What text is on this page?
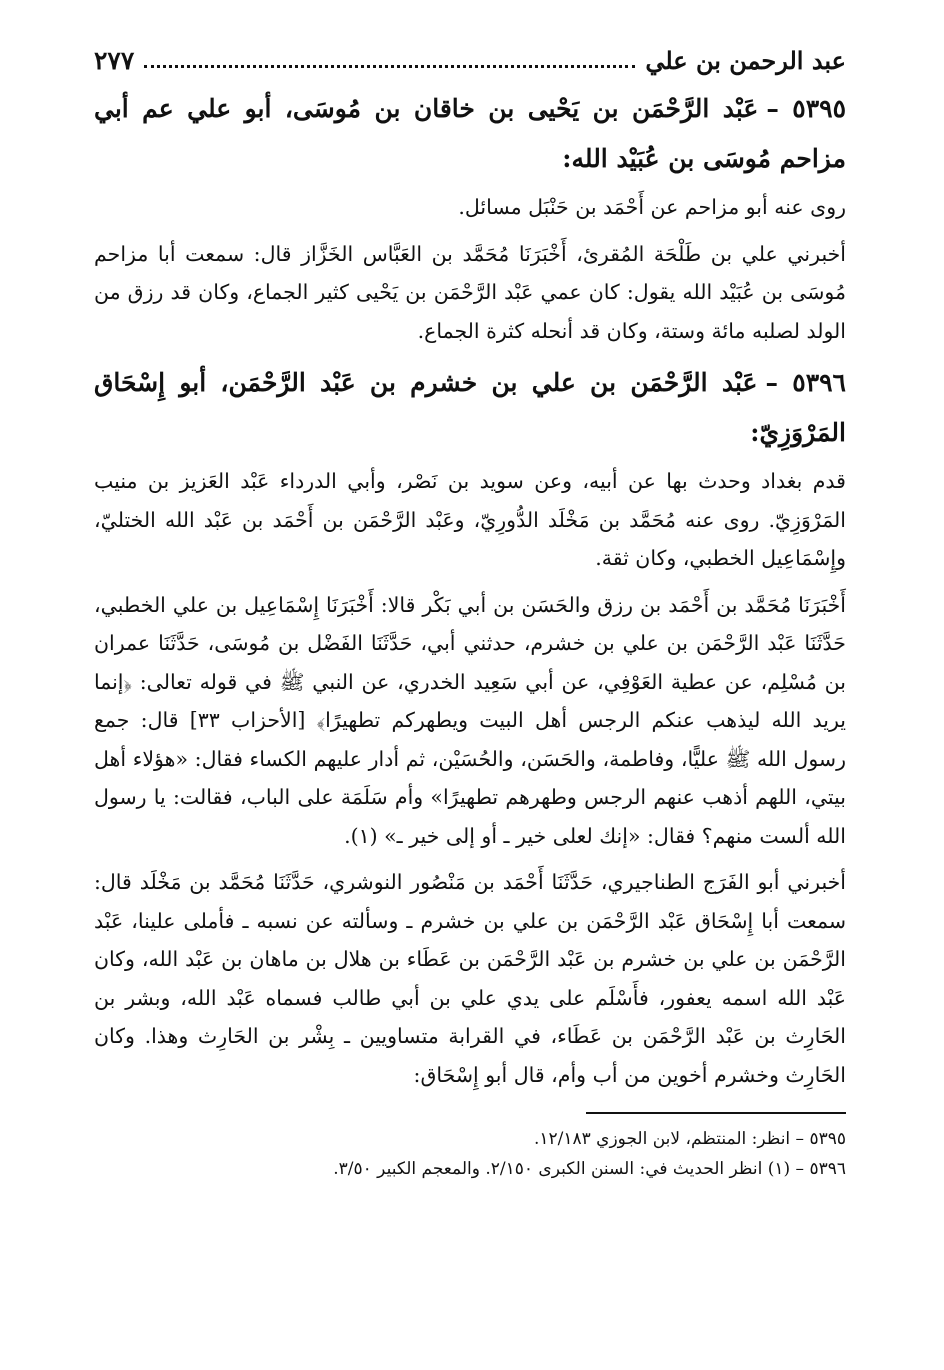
عبد الرحمن بن علي
٢٧٧
٥٣٩٥ –عَبْد الرَّحْمَن بن يَحْيى بن خاقان بن مُوسَى، أبو علي عم أبي مزاحم مُوسَى بن عُبَيْد الله:

روى عنه أبو مزاحم عن أَحْمَد بن حَنْبَل مسائل.

أخبرني علي بن طَلْحَة المُقرئ، أَخْبَرَنَا مُحَمَّد بن العَبَّاس الخَزَّاز قال: سمعت أبا مزاحم مُوسَى بن عُبَيْد الله يقول: كان عمي عَبْد الرَّحْمَن بن يَحْيى كثير الجماع، وكان قد رزق من الولد لصلبه مائة وستة، وكان قد أنحله كثرة الجماع.

٥٣٩٦ –عَبْد الرَّحْمَن بن علي بن خشرم بن عَبْد الرَّحْمَن، أبو إِسْحَاق المَرْوَزِيّ:

قدم بغداد وحدث بها عن أبيه، وعن سويد بن نَصْر، وأبي الدرداء عَبْد العَزيز بن منيب المَرْوَزِيّ. روى عنه مُحَمَّد بن مَخْلَد الدُّورِيّ، وعَبْد الرَّحْمَن بن أَحْمَد بن عَبْد الله الختليّ، وإِسْمَاعِيل الخطبي، وكان ثقة.

أَخْبَرَنَا مُحَمَّد بن أَحْمَد بن رزق والحَسَن بن أبي بَكْر قالا: أَخْبَرَنَا إِسْمَاعِيل بن علي الخطبي، حَدَّثَنَا عَبْد الرَّحْمَن بن علي بن خشرم، حدثني أبي، حَدَّثَنَا الفَضْل بن مُوسَى، حَدَّثَنَا عمران بن مُسْلِم، عن عطية العَوْفِي، عن أبي سَعِيد الخدري، عن النبي ﷺ في قوله تعالى: ﴿إنما يريد الله ليذهب عنكم الرجس أهل البيت ويطهركم تطهيرًا﴾ [الأحزاب ٣٣] قال: جمع رسول الله ﷺ عليًّا، وفاطمة، والحَسَن، والحُسَيْن، ثم أدار عليهم الكساء فقال: «هؤلاء أهل بيتي، اللهم أذهب عنهم الرجس وطهرهم تطهيرًا» وأم سَلَمَة على الباب، فقالت: يا رسول الله ألست منهم؟ فقال: «إنك لعلى خير ـ أو إلى خير ـ» (١).

أخبرني أبو الفَرَج الطناجيري، حَدَّثَنَا أَحْمَد بن مَنْصُور النوشري، حَدَّثَنَا مُحَمَّد بن مَخْلَد قال: سمعت أبا إِسْحَاق عَبْد الرَّحْمَن بن علي بن خشرم ـ وسألته عن نسبه ـ فأملى علينا، عَبْد الرَّحْمَن بن علي بن خشرم بن عَبْد الرَّحْمَن بن عَطَاء بن هلال بن ماهان بن عَبْد الله، وكان عَبْد الله اسمه يعفور، فأَسْلَم على يدي علي بن أبي طالب فسماه عَبْد الله، وبشر بن الحَارِث بن عَبْد الرَّحْمَن بن عَطَاء، في القرابة متساويين ـ بِشْر بن الحَارِث وهذا. وكان الحَارِث وخشرم أخوين من أب وأم، قال أبو إِسْحَاق:

٥٣٩٥ – انظر: المنتظم، لابن الجوزي ١٢/١٨٣.
٥٣٩٦ – (١) انظر الحديث في: السنن الكبرى ٢/١٥٠. والمعجم الكبير ٣/٥٠.
